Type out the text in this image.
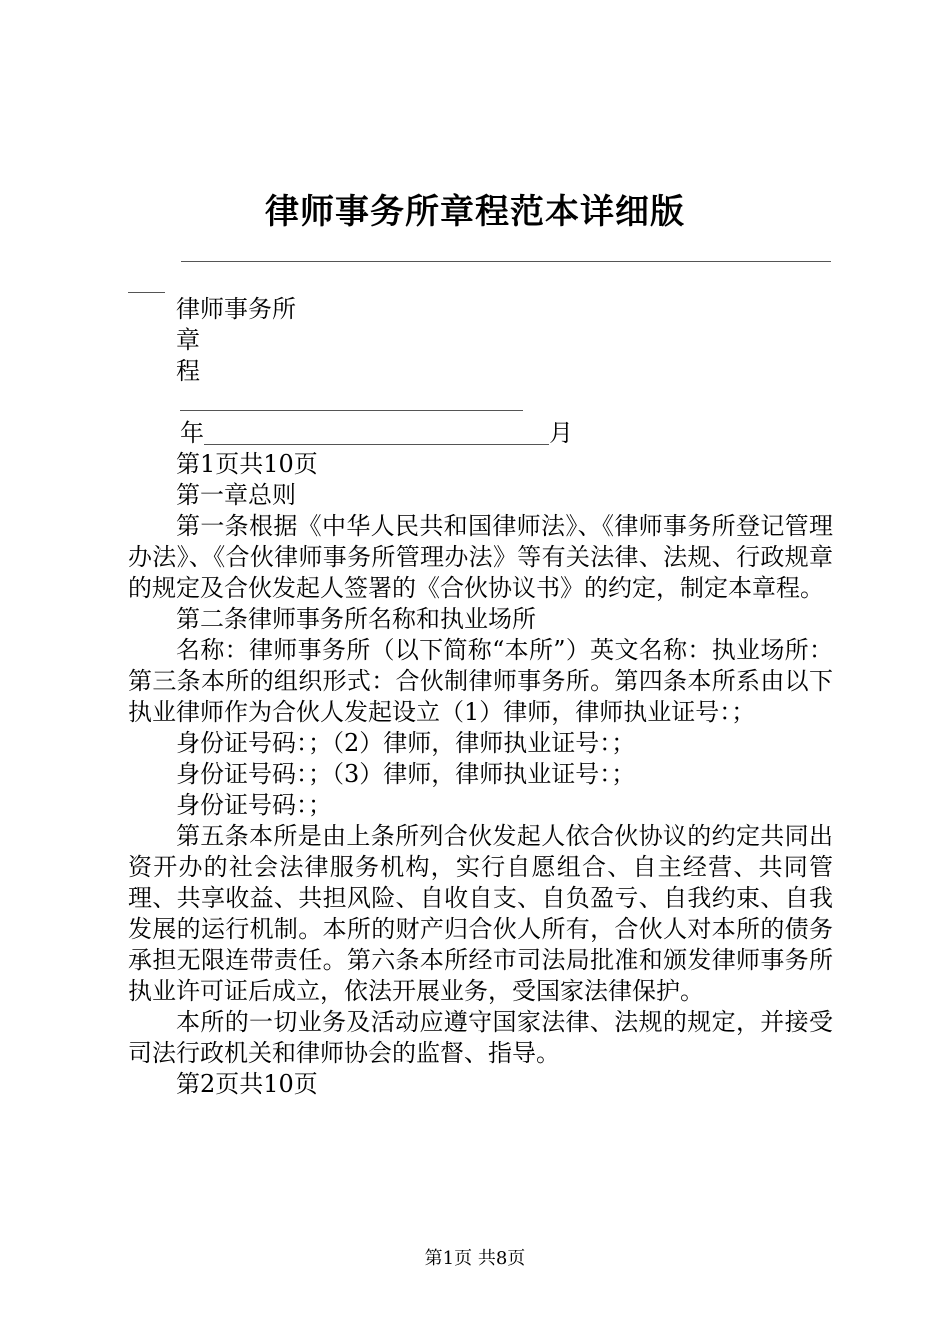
律师事务所章程范本详细版

律师事务所

章

程

年	月

第1页共10页

第一章总则

第一条根据《中华人民共和国律师法》、《律师事务所登记管理办法》、《合伙律师事务所管理办法》等有关法律、法规、行政规章的规定及合伙发起人签署的《合伙协议书》的约定，制定本章程。

第二条律师事务所名称和执业场所

名称：律师事务所（以下简称“本所”）英文名称：执业场所：第三条本所的组织形式：合伙制律师事务所。第四条本所系由以下执业律师作为合伙人发起设立（1）律师，律师执业证号：；

身份证号码：；（2）律师，律师执业证号：；

身份证号码：；（3）律师，律师执业证号：；

身份证号码：；

第五条本所是由上条所列合伙发起人依合伙协议的约定共同出资开办的社会法律服务机构，实行自愿组合、自主经营、共同管理、共享收益、共担风险、自收自支、自负盈亏、自我约束、自我发展的运行机制。本所的财产归合伙人所有，合伙人对本所的债务承担无限连带责任。第六条本所经市司法局批准和颁发律师事务所执业许可证后成立，依法开展业务，受国家法律保护。

本所的一切业务及活动应遵守国家法律、法规的规定，并接受司法行政机关和律师协会的监督、指导。

第2页共10页

第1页 共8页
